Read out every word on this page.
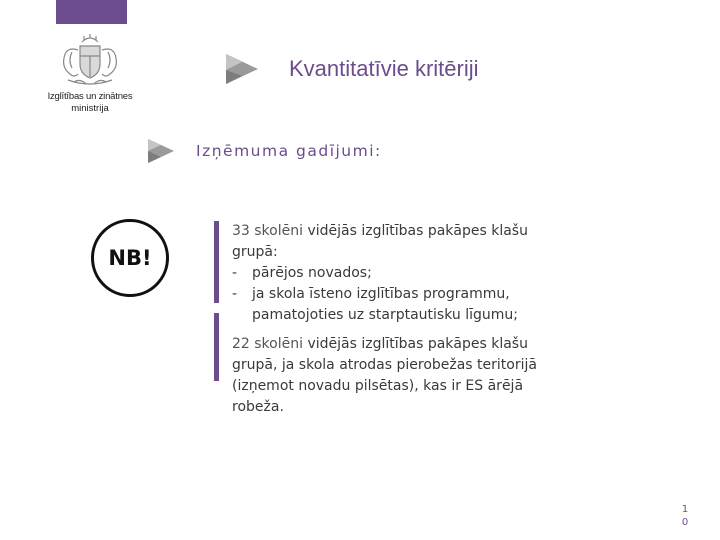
Izglītības un zinātnes
ministrija
Kvantitatīvie kritēriji
Izņēmuma gadījumi:
NB!
33 skolēni vidējās izglītības pakāpes klašu
grupā:
-	pārējos novados;
-	ja skola īsteno izglītības programmu,
pamatojoties uz starptautisku līgumu;
22 skolēni vidējās izglītības pakāpes klašu
grupā, ja skola atrodas pierobežas teritorijā
(izņemot novadu pilsētas), kas ir ES ārējā
robeža.
1
0
